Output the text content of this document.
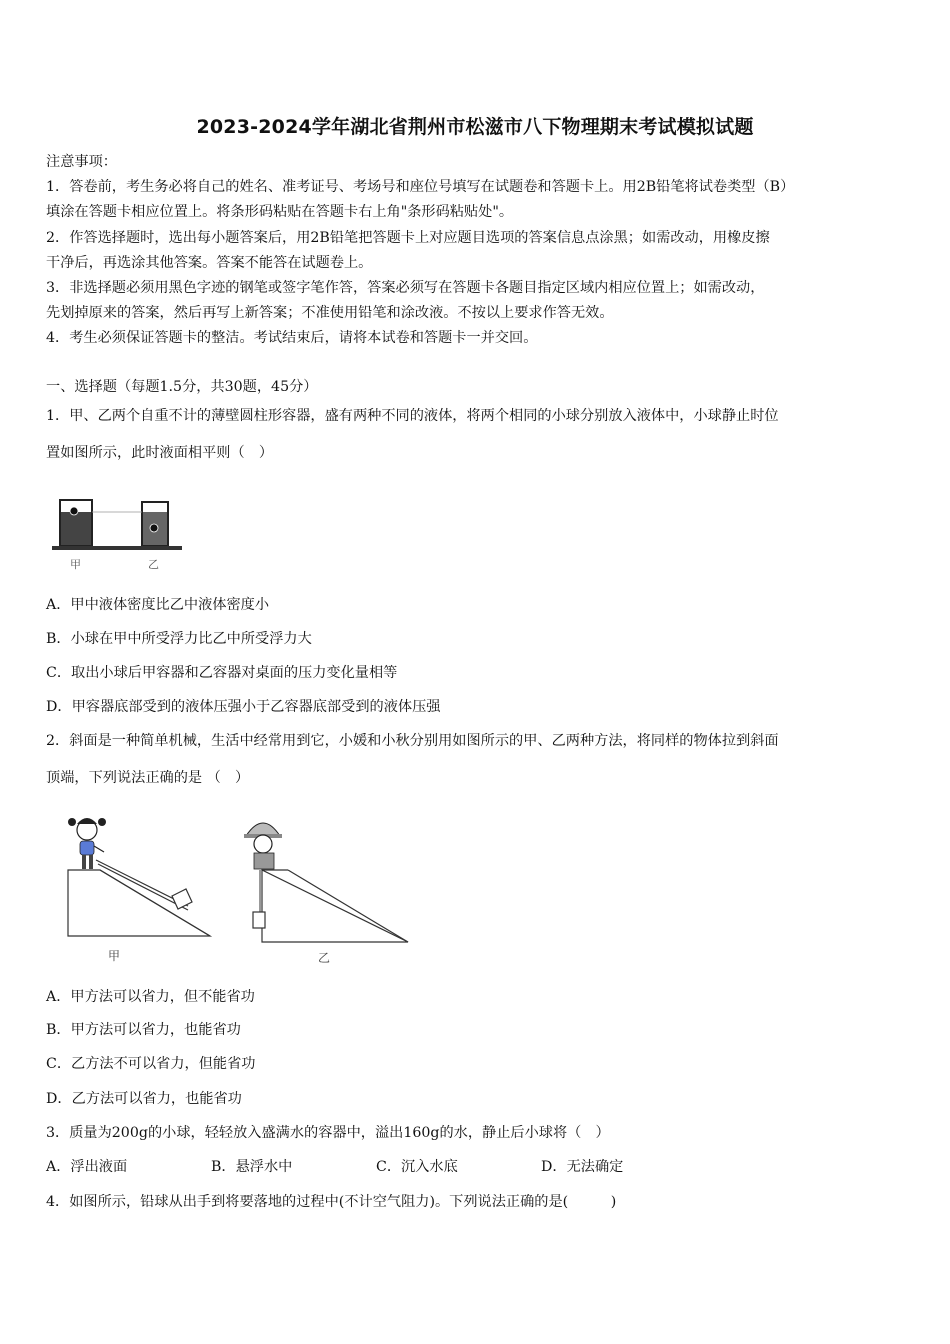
2023-2024学年湖北省荆州市松滋市八下物理期末考试模拟试题
注意事项：
1．答卷前，考生务必将自己的姓名、准考证号、考场号和座位号填写在试题卷和答题卡上。用2B铅笔将试卷类型（B）
填涂在答题卡相应位置上。将条形码粘贴在答题卡右上角"条形码粘贴处"。
2．作答选择题时，选出每小题答案后，用2B铅笔把答题卡上对应题目选项的答案信息点涂黑；如需改动，用橡皮擦
干净后，再选涂其他答案。答案不能答在试题卷上。
3．非选择题必须用黑色字迹的钢笔或签字笔作答，答案必须写在答题卡各题目指定区域内相应位置上；如需改动，
先划掉原来的答案，然后再写上新答案；不准使用铅笔和涂改液。不按以上要求作答无效。
4．考生必须保证答题卡的整洁。考试结束后，请将本试卷和答题卡一并交回。
一、选择题（每题1.5分，共30题，45分）
1．甲、乙两个自重不计的薄壁圆柱形容器，盛有两种不同的液体，将两个相同的小球分别放入液体中，小球静止时位
置如图所示，此时液面相平则（　）
甲	乙
A．甲中液体密度比乙中液体密度小
B．小球在甲中所受浮力比乙中所受浮力大
C．取出小球后甲容器和乙容器对桌面的压力变化量相等
D．甲容器底部受到的液体压强小于乙容器底部受到的液体压强
2．斜面是一种简单机械，生活中经常用到它，小媛和小秋分别用如图所示的甲、乙两种方法，将同样的物体拉到斜面
顶端，下列说法正确的是 （　）
甲	乙
A．甲方法可以省力，但不能省功
B．甲方法可以省力，也能省功
C．乙方法不可以省力，但能省功
D．乙方法可以省力，也能省功
3．质量为200g的小球，轻轻放入盛满水的容器中，溢出160g的水，静止后小球将（　）
A．浮出液面	B．悬浮水中	C．沉入水底	D．无法确定
4．如图所示，铅球从出手到将要落地的过程中(不计空气阻力)。下列说法正确的是(　　　)
